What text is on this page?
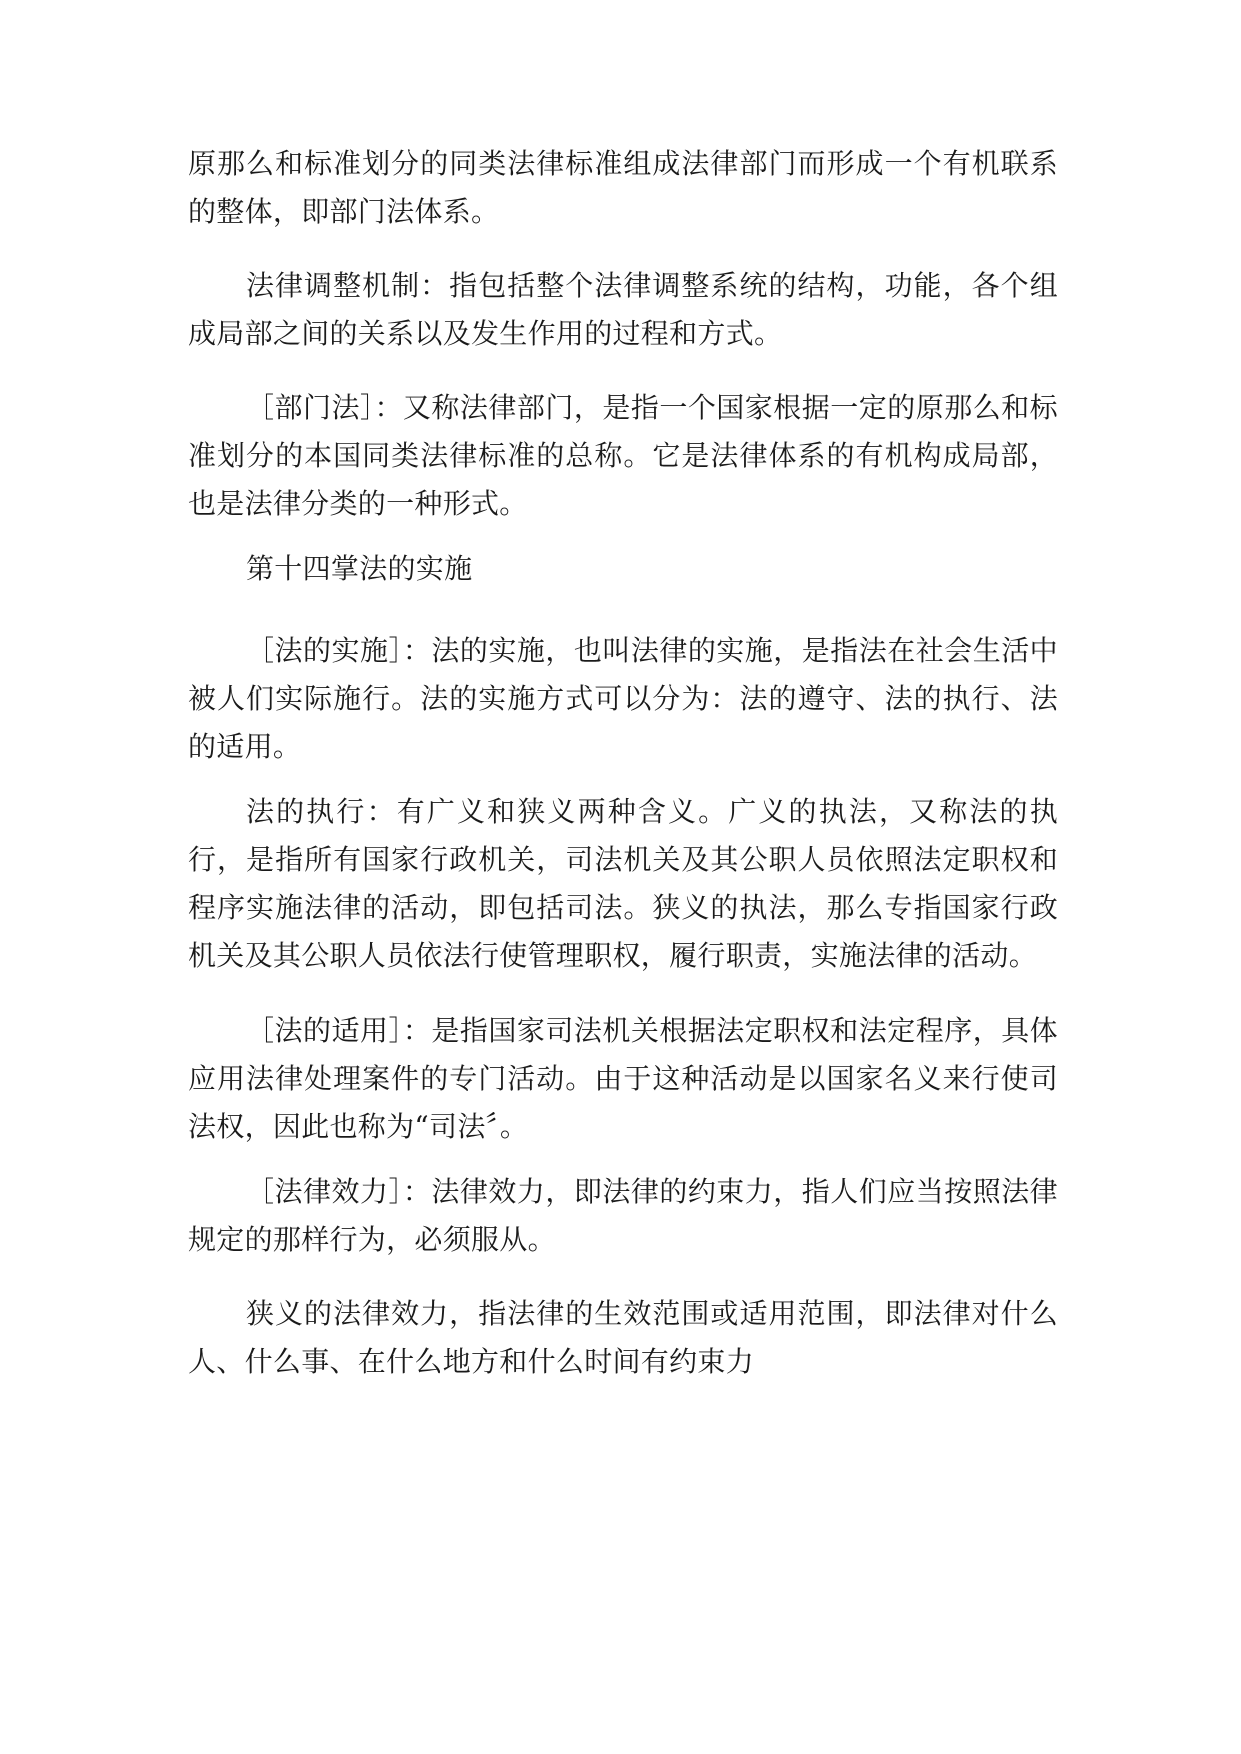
原那么和标准划分的同类法律标准组成法律部门而形成一个有机联系的整体，即部门法体系。

法律调整机制：指包括整个法律调整系统的结构，功能，各个组成局部之间的关系以及发生作用的过程和方式。

［部门法］：又称法律部门，是指一个国家根据一定的原那么和标准划分的本国同类法律标准的总称。它是法律体系的有机构成局部，也是法律分类的一种形式。

第十四掌法的实施

［法的实施］：法的实施，也叫法律的实施，是指法在社会生活中被人们实际施行。法的实施方式可以分为：法的遵守、法的执行、法的适用。

法的执行：有广义和狭义两种含义。广义的执法，又称法的执行，是指所有国家行政机关，司法机关及其公职人员依照法定职权和程序实施法律的活动，即包括司法。狭义的执法，那么专指国家行政机关及其公职人员依法行使管理职权，履行职责，实施法律的活动。

［法的适用］：是指国家司法机关根据法定职权和法定程序，具体应用法律处理案件的专门活动。由于这种活动是以国家名义来行使司法权，因此也称为“司法〞。

［法律效力］：法律效力，即法律的约束力，指人们应当按照法律规定的那样行为，必须服从。

狭义的法律效力，指法律的生效范围或适用范围，即法律对什么人、什么事、在什么地方和什么时间有约束力
